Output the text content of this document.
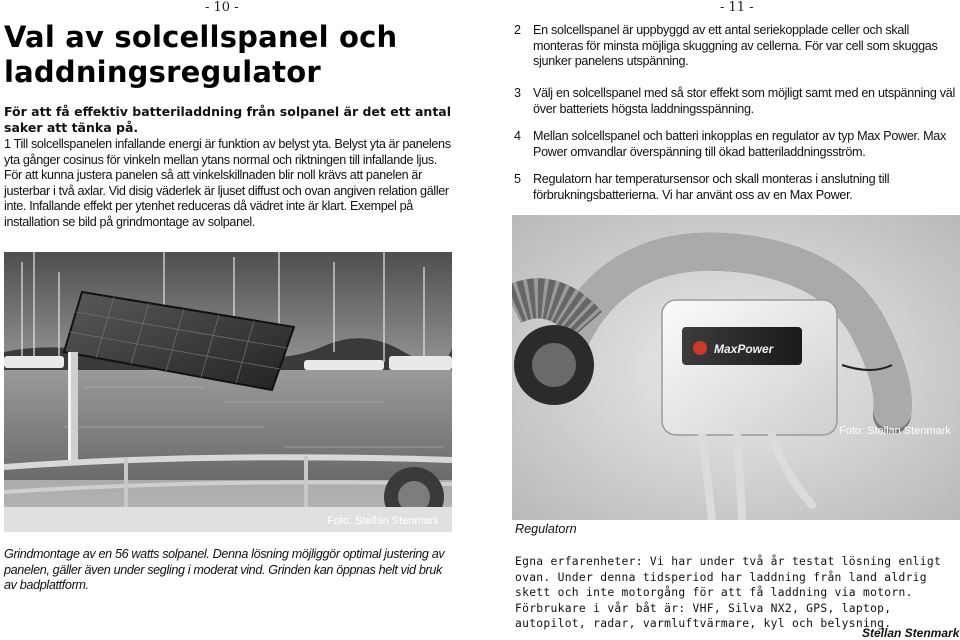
- 10 -	- 11 -
Val av solcellspanel och laddningsregulator

För att få effektiv batteriladdning från solpanel är det ett antal saker att tänka på.

1 Till solcellspanelen infallande energi är funktion av belyst yta. Belyst yta är panelens yta gånger cosinus för vinkeln mellan ytans normal och riktningen till infallande ljus. För att kunna justera panelen så att vinkelskillnaden blir noll krävs att panelen är justerbar i två axlar. Vid disig väderlek är ljuset diffust och ovan angiven relation gäller inte. Infallande effekt per ytenhet reduceras då vädret inte är klart. Exempel på installation se bild på grindmontage av solpanel.

2 En solcellspanel är uppbyggd av ett antal seriekopplade celler och skall monteras för minsta möjliga skuggning av cellerna. För var cell som skuggas sjunker panelens utspänning.
3 Välj en solcellspanel med så stor effekt som möjligt samt med en utspänning väl över batteriets högsta laddningsspänning.
4 Mellan solcellspanel och batteri inkopplas en regulator av typ Max Power. Max Power omvandlar överspänning till ökad batteriladdningsström.
5 Regulatorn har temperatursensor och skall monteras i anslutning till förbrukningsbatterierna. Vi har använt oss av en Max Power.
Foto: Stellan Stenmark
MaxPower
Foto: Stellan Stenmark

Grindmontage av en 56 watts solpanel. Denna lösning möjliggör optimal justering av panelen, gäller även under segling i moderat vind. Grinden kan öppnas helt vid bruk av badplattform.

Regulatorn

Egna erfarenheter: Vi har under två år testat lösning enligt ovan. Under denna tidsperiod har laddning från land aldrig skett och inte motorgång för att få laddning via motorn. Förbrukare i vår båt är: VHF, Silva NX2, GPS, laptop, autopilot, radar, varmluftvärmare, kyl och belysning.

Stellan Stenmark
